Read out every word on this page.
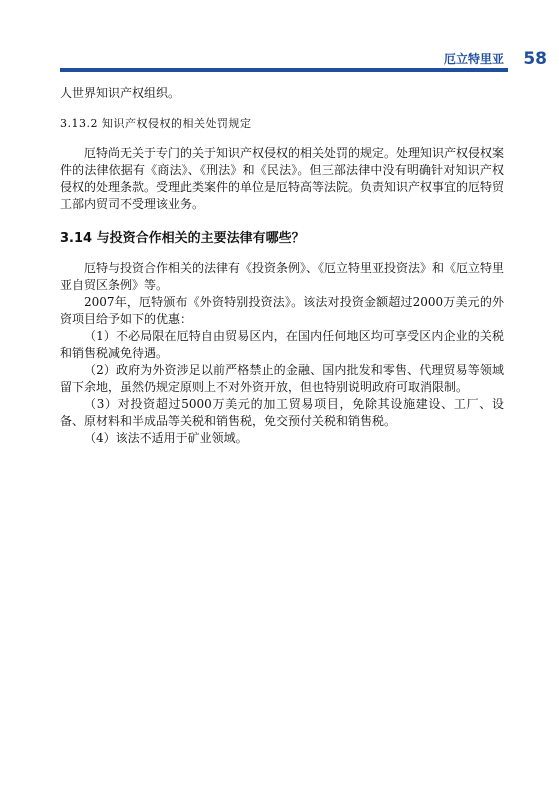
厄立特里亚 58

人世界知识产权组织。

3.13.2 知识产权侵权的相关处罚规定

厄特尚无关于专门的关于知识产权侵权的相关处罚的规定。处理知识产权侵权案件的法律依据有《商法》、《刑法》和《民法》。但三部法律中没有明确针对知识产权侵权的处理条款。受理此类案件的单位是厄特高等法院。负责知识产权事宜的厄特贸工部内贸司不受理该业务。

3.14 与投资合作相关的主要法律有哪些？

厄特与投资合作相关的法律有《投资条例》、《厄立特里亚投资法》和《厄立特里亚自贸区条例》等。

2007年，厄特颁布《外资特别投资法》。该法对投资金额超过2000万美元的外资项目给予如下的优惠：

（1）不必局限在厄特自由贸易区内，在国内任何地区均可享受区内企业的关税和销售税减免待遇。

（2）政府为外资涉足以前严格禁止的金融、国内批发和零售、代理贸易等领域留下余地，虽然仍规定原则上不对外资开放，但也特别说明政府可取消限制。

（3）对投资超过5000万美元的加工贸易项目，免除其设施建设、工厂、设备、原材料和半成品等关税和销售税，免交预付关税和销售税。

（4）该法不适用于矿业领域。
